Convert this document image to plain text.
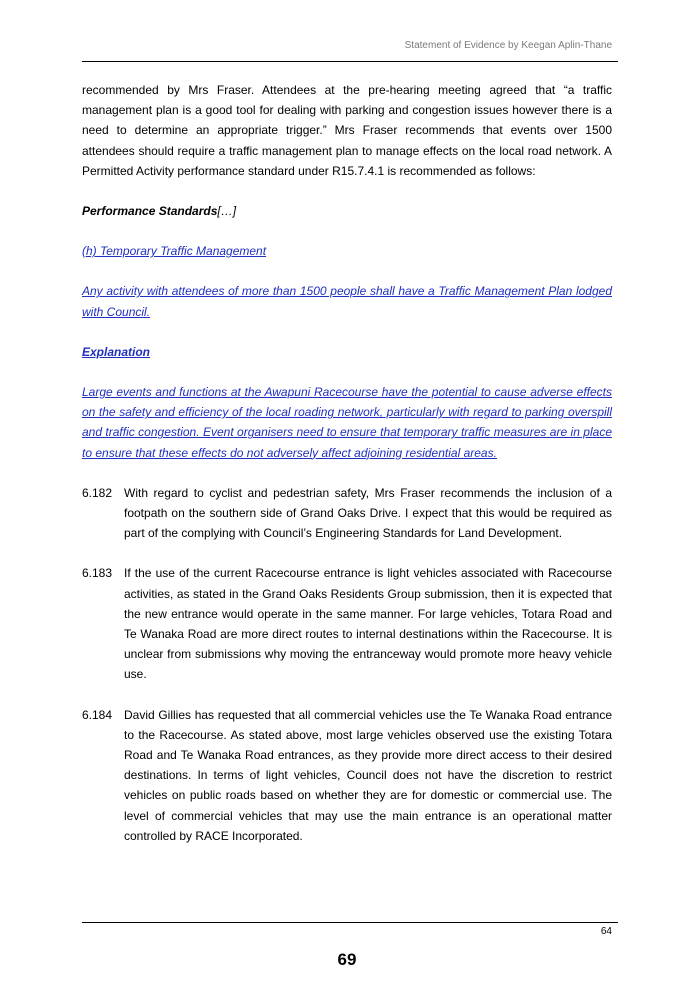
Statement of Evidence by Keegan Aplin-Thane

recommended by Mrs Fraser. Attendees at the pre-hearing meeting agreed that “a traffic management plan is a good tool for dealing with parking and congestion issues however there is a need to determine an appropriate trigger.” Mrs Fraser recommends that events over 1500 attendees should require a traffic management plan to manage effects on the local road network. A Permitted Activity performance standard under R15.7.4.1 is recommended as follows:

Performance Standards[…]

(h) Temporary Traffic Management

Any activity with attendees of more than 1500 people shall have a Traffic Management Plan lodged with Council.

Explanation

Large events and functions at the Awapuni Racecourse have the potential to cause adverse effects on the safety and efficiency of the local roading network, particularly with regard to parking overspill and traffic congestion. Event organisers need to ensure that temporary traffic measures are in place to ensure that these effects do not adversely affect adjoining residential areas.

6.182 With regard to cyclist and pedestrian safety, Mrs Fraser recommends the inclusion of a footpath on the southern side of Grand Oaks Drive. I expect that this would be required as part of the complying with Council’s Engineering Standards for Land Development.
6.183 If the use of the current Racecourse entrance is light vehicles associated with Racecourse activities, as stated in the Grand Oaks Residents Group submission, then it is expected that the new entrance would operate in the same manner. For large vehicles, Totara Road and Te Wanaka Road are more direct routes to internal destinations within the Racecourse. It is unclear from submissions why moving the entranceway would promote more heavy vehicle use.
6.184 David Gillies has requested that all commercial vehicles use the Te Wanaka Road entrance to the Racecourse. As stated above, most large vehicles observed use the existing Totara Road and Te Wanaka Road entrances, as they provide more direct access to their desired destinations. In terms of light vehicles, Council does not have the discretion to restrict vehicles on public roads based on whether they are for domestic or commercial use. The level of commercial vehicles that may use the main entrance is an operational matter controlled by RACE Incorporated.
64
69
